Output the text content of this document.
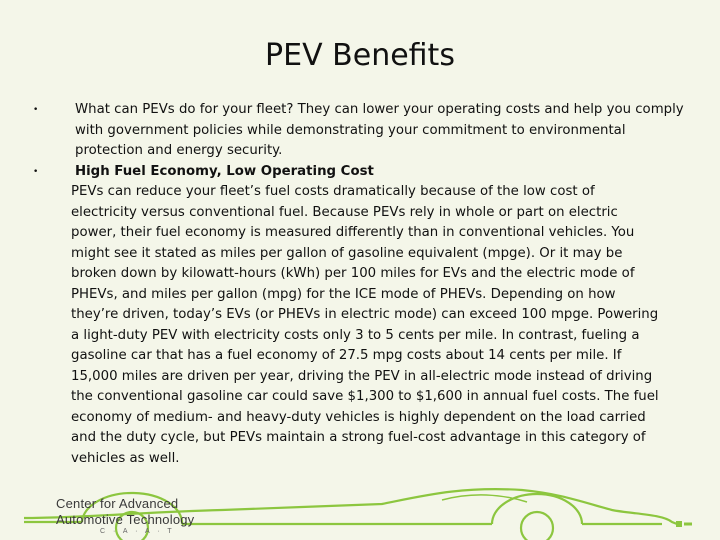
PEV Benefits
•	What can PEVs do for your fleet? They can lower your operating costs and help you comply with government policies while demonstrating your commitment to environmental protection and energy security.
•	High Fuel Economy, Low Operating Cost
PEVs can reduce your fleet’s fuel costs dramatically because of the low cost of
electricity versus conventional fuel. Because PEVs rely in whole or part on electric
power, their fuel economy is measured differently than in conventional vehicles. You
might see it stated as miles per gallon of gasoline equivalent (mpge). Or it may be
broken down by kilowatt-hours (kWh) per 100 miles for EVs and the electric mode of
PHEVs, and miles per gallon (mpg) for the ICE mode of PHEVs. Depending on how
they’re driven, today’s EVs (or PHEVs in electric mode) can exceed 100 mpge. Powering
a light-duty PEV with electricity costs only 3 to 5 cents per mile. In contrast, fueling a
gasoline car that has a fuel economy of 27.5 mpg costs about 14 cents per mile. If
15,000 miles are driven per year, driving the PEV in all-electric mode instead of driving
the conventional gasoline car could save $1,300 to $1,600 in annual fuel costs. The fuel
economy of medium- and heavy-duty vehicles is highly dependent on the load carried
and the duty cycle, but PEVs maintain a strong fuel-cost advantage in this category of
vehicles as well.
Center for Advanced
Automotive Technology
C · A · A · T
